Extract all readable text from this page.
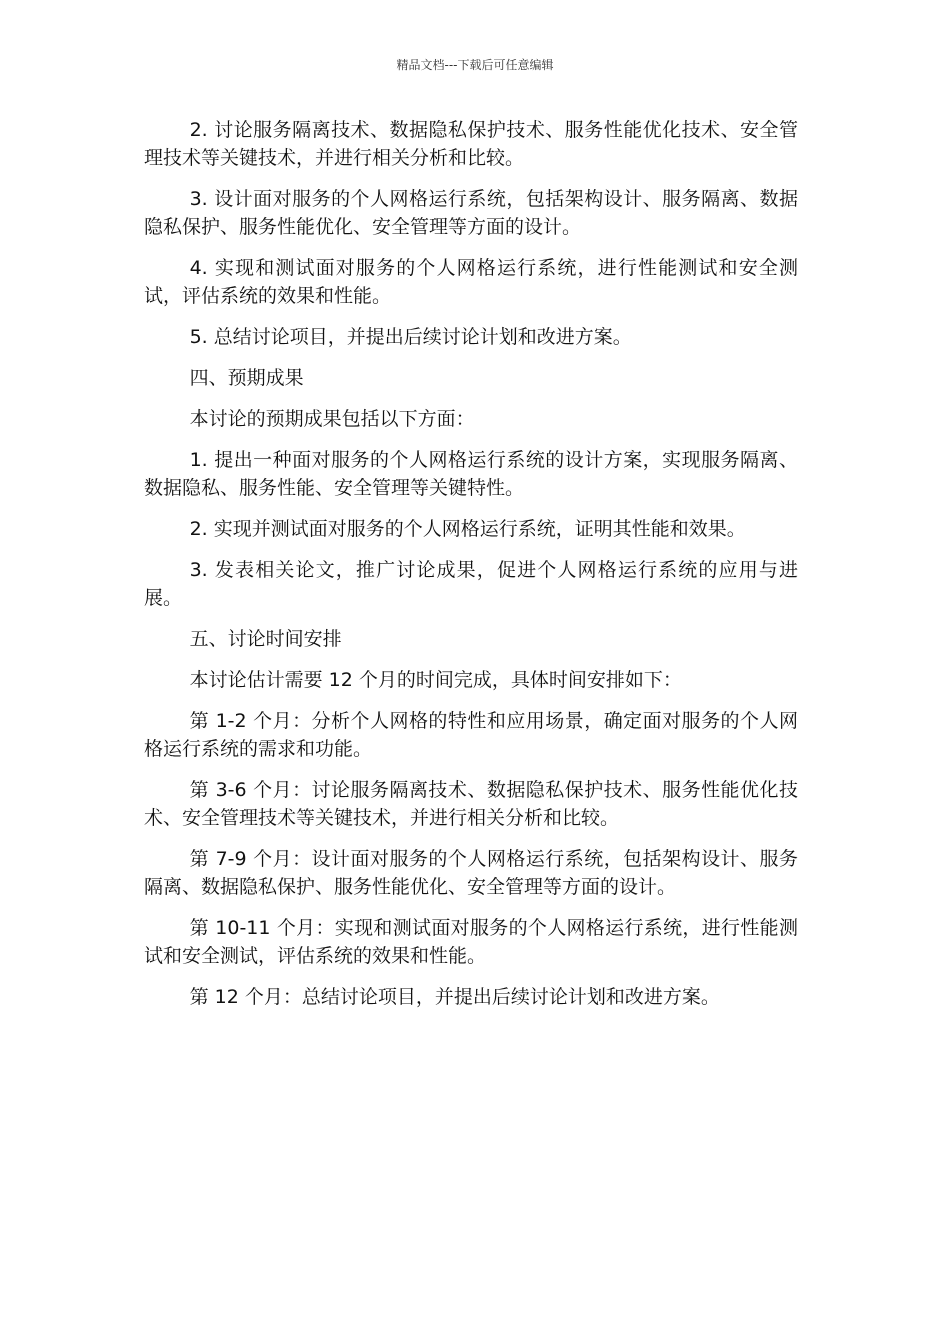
精品文档---下载后可任意编辑

2. 讨论服务隔离技术、数据隐私保护技术、服务性能优化技术、安全管理技术等关键技术，并进行相关分析和比较。

3. 设计面对服务的个人网格运行系统，包括架构设计、服务隔离、数据隐私保护、服务性能优化、安全管理等方面的设计。

4. 实现和测试面对服务的个人网格运行系统，进行性能测试和安全测试，评估系统的效果和性能。

5. 总结讨论项目，并提出后续讨论计划和改进方案。

四、预期成果

本讨论的预期成果包括以下方面：

1. 提出一种面对服务的个人网格运行系统的设计方案，实现服务隔离、数据隐私、服务性能、安全管理等关键特性。

2. 实现并测试面对服务的个人网格运行系统，证明其性能和效果。

3. 发表相关论文，推广讨论成果，促进个人网格运行系统的应用与进展。

五、讨论时间安排

本讨论估计需要 12 个月的时间完成，具体时间安排如下：

第 1-2 个月：分析个人网格的特性和应用场景，确定面对服务的个人网格运行系统的需求和功能。

第 3-6 个月：讨论服务隔离技术、数据隐私保护技术、服务性能优化技术、安全管理技术等关键技术，并进行相关分析和比较。

第 7-9 个月：设计面对服务的个人网格运行系统，包括架构设计、服务隔离、数据隐私保护、服务性能优化、安全管理等方面的设计。

第 10-11 个月：实现和测试面对服务的个人网格运行系统，进行性能测试和安全测试，评估系统的效果和性能。

第 12 个月：总结讨论项目，并提出后续讨论计划和改进方案。
